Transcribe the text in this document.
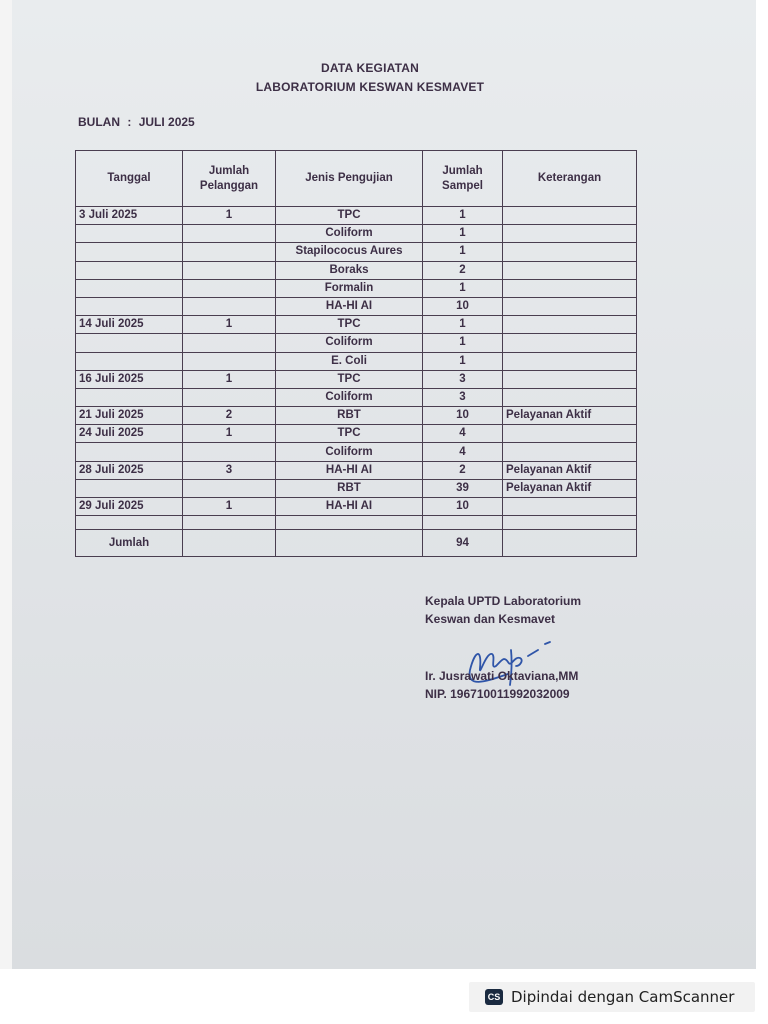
DATA KEGIATAN
LABORATORIUM KESWAN KESMAVET
BULAN : JULI 2025
Tanggal	Jumlah Pelanggan	Jenis Pengujian	Jumlah Sampel	Keterangan
3 Juli 2025	1	TPC	1	
		Coliform	1	
		Stapilococus Aures	1	
		Boraks	2	
		Formalin	1	
		HA-HI AI	10	
14 Juli 2025	1	TPC	1	
		Coliform	1	
		E. Coli	1	
16 Juli 2025	1	TPC	3	
		Coliform	3	
21 Juli 2025	2	RBT	10	Pelayanan Aktif
24 Juli 2025	1	TPC	4	
		Coliform	4	
28 Juli 2025	3	HA-HI AI	2	Pelayanan Aktif
		RBT	39	Pelayanan Aktif
29 Juli 2025	1	HA-HI AI	10	

Jumlah			94	
Kepala UPTD Laboratorium
Keswan dan Kesmavet
Ir. Jusrawati Oktaviana,MM
NIP. 196710011992032009
CS Dipindai dengan CamScanner
